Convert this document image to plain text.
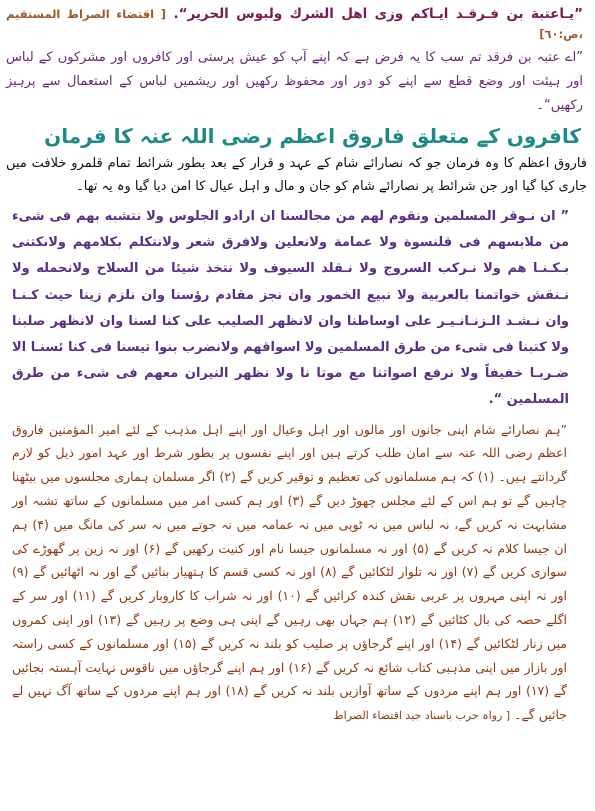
”يـاعتبة بن فـرقـد ايـاكم وزى اهل الشرك ولبوس الحرير“. [ اقتضاء الصراط المستقيم ،ص:٦٠]

”اے عتبہ بن فرقد تم سب کا یہ فرض ہے کہ اپنے آپ کو عیش پرستی اور کافروں اور مشرکوں کے لباس اور ہیئت اور وضع قطع سے اپنے کو دور اور محفوظ رکھیں اور ریشمیں لباس کے استعمال سے پرہیز رکھیں“۔

کافروں کے متعلق فاروق اعظم رضی اللہ عنہ کا فرمان

فاروق اعظم کا وہ فرمان جو کہ نصارائے شام کے عہد و قرار کے بعد بطور شرائط تمام قلمرو خلافت میں جاری کیا گیا اور جن شرائط پر نصارائے شام کو جان و مال و اہل عیال کا امن دیا گیا وہ یہ تھا۔

” ان نـوقر المسلمين ونقوم لهم من مجالسنا ان ارادو الجلوس ولا نتشبه بهم فى شىء من ملابسهم فى قلنسوة ولا عمامة ولانعلين ولافرق شعر ولانتكلم بكلامهم ولانكتنى بـكـنـا هم ولا نـركب السروج ولا نـقلد السيوف ولا نتخذ شيئا من السلاح ولانحمله ولا نـنقش خواتمنا بالعربية ولا نبيع الخمور وان نجز مقادم رؤسنا وان نلزم زينا حيث كـنـا وان نـشـد الـزنـانـيـر على اوساطنا وان لانظهر الصليب على كنا لسنا وان لانظهر صلبنا ولا كتبنا فى شىء من طرق المسلمين ولا اسواقهم ولانضرب بنوا تيسنا فى كنا ئسنـا الا ضـربـا خفيفاً ولا نرفع اصواتنا مع موتا نا ولا نظهر النيران معهم فى شىء من طرق المسلمين “.

”ہم نصارائے شام اپنی جانوں اور مالوں اور اہل وعیال اور اپنے اہل مذہب کے لئے امیر المؤمنین فاروق اعظم رضی اللہ عنہ سے امان طلب کرتے ہیں اور اپنے نفسوں پر بطور شرط اور عہد امور ذیل کو لازم گردانتے ہیں۔ (۱) کہ ہم مسلمانوں کی تعظیم و توقیر کریں گے (۲) اگر مسلمان ہماری مجلسوں میں بیٹھنا چاہیں گے تو ہم اس کے لئے مجلس چھوڑ دیں گے (۳) اور ہم کسی امر میں مسلمانوں کے ساتھ تشبہ اور مشابہت نہ کریں گے، نہ لباس میں نہ ٹوپی میں نہ عمامہ میں نہ جوتے میں نہ سر کی مانگ میں (۴) ہم ان جیسا کلام نہ کریں گے (۵) اور نہ مسلمانوں جیسا نام اور کنیت رکھیں گے (۶) اور نہ زین پر گھوڑے کی سواری کریں گے (۷) اور نہ تلوار لٹکائیں گے (۸) اور نہ کسی قسم کا ہتھیار بنائیں گے اور نہ اٹھائیں گے (۹) اور نہ اپنی مہروں پر عربی نقش کندہ کرائیں گے (۱۰) اور نہ شراب کا کاروبار کریں گے (۱۱) اور سر کے اگلے حصہ کی بال کٹائیں گے (۱۲) ہم جہاں بھی رہیں گے اپنی ہی وضع پر رہیں گے (۱۳) اور اپنی کمروں میں زنار لٹکائیں گے (۱۴) اور اپنے گرجاؤں پر صلیب کو بلند نہ کریں گے (۱۵) اور مسلمانوں کے کسی راستہ اور بازار میں اپنی مذہبی کتاب شائع نہ کریں گے (۱۶) اور ہم اپنے گرجاؤں میں ناقوس نہایت آہستہ بجائیں گے (۱۷) اور ہم اپنے مردوں کے ساتھ آوازیں بلند نہ کریں گے (۱۸) اور ہم اپنے مردوں کے ساتھ آگ نہیں لے جائیں گے۔ [ رواہ حرب باسناد جید اقتضاء الصراط
